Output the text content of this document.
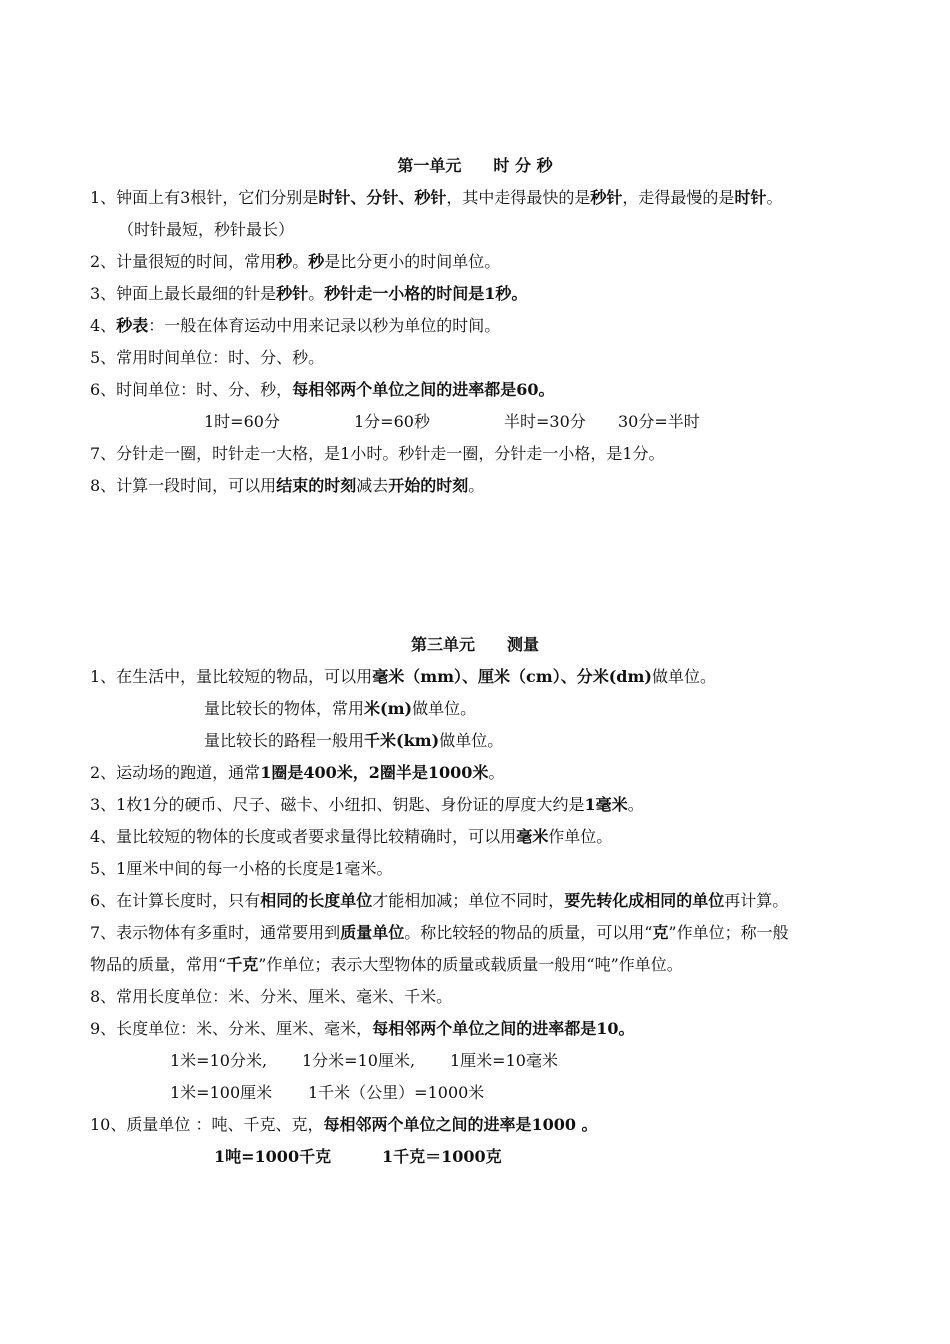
第一单元　　时 分 秒
1、钟面上有3根针，它们分别是时针、分针、秒针，其中走得最快的是秒针，走得最慢的是时针。
（时针最短，秒针最长）
2、计量很短的时间，常用秒。秒是比分更小的时间单位。
3、钟面上最长最细的针是秒针。秒针走一小格的时间是1秒。
4、秒表：一般在体育运动中用来记录以秒为单位的时间。
5、常用时间单位：时、分、秒。
6、时间单位：时、分、秒，每相邻两个单位之间的进率都是60。
1时=60分	1分=60秒	半时=30分 30分=半时
7、分针走一圈，时针走一大格，是1小时。秒针走一圈，分针走一小格，是1分。
8、计算一段时间，可以用结束的时刻减去开始的时刻。
第三单元　　测量
1、在生活中，量比较短的物品，可以用毫米（mm）、厘米（cm）、分米(dm)做单位。
量比较长的物体，常用米(m)做单位。
量比较长的路程一般用千米(km)做单位。
2、运动场的跑道，通常1圈是400米，2圈半是1000米。
3、1枚1分的硬币、尺子、磁卡、小纽扣、钥匙、身份证的厚度大约是1毫米。
4、量比较短的物体的长度或者要求量得比较精确时，可以用毫米作单位。
5、1厘米中间的每一小格的长度是1毫米。
6、在计算长度时，只有相同的长度单位才能相加减；单位不同时，要先转化成相同的单位再计算。
7、表示物体有多重时，通常要用到质量单位。称比较轻的物品的质量，可以用“克”作单位；称一般
物品的质量，常用“千克”作单位；表示大型物体的质量或载质量一般用“吨”作单位。
8、常用长度单位：米、分米、厘米、毫米、千米。
9、长度单位：米、分米、厘米、毫米，每相邻两个单位之间的进率都是10。
1米=10分米, 1分米=10厘米, 1厘米=10毫米
1米=100厘米 1千米（公里）=1000米
10、质量单位 ：吨、千克、克，每相邻两个单位之间的进率是1000 。
1吨=1000千克	1千克＝1000克
